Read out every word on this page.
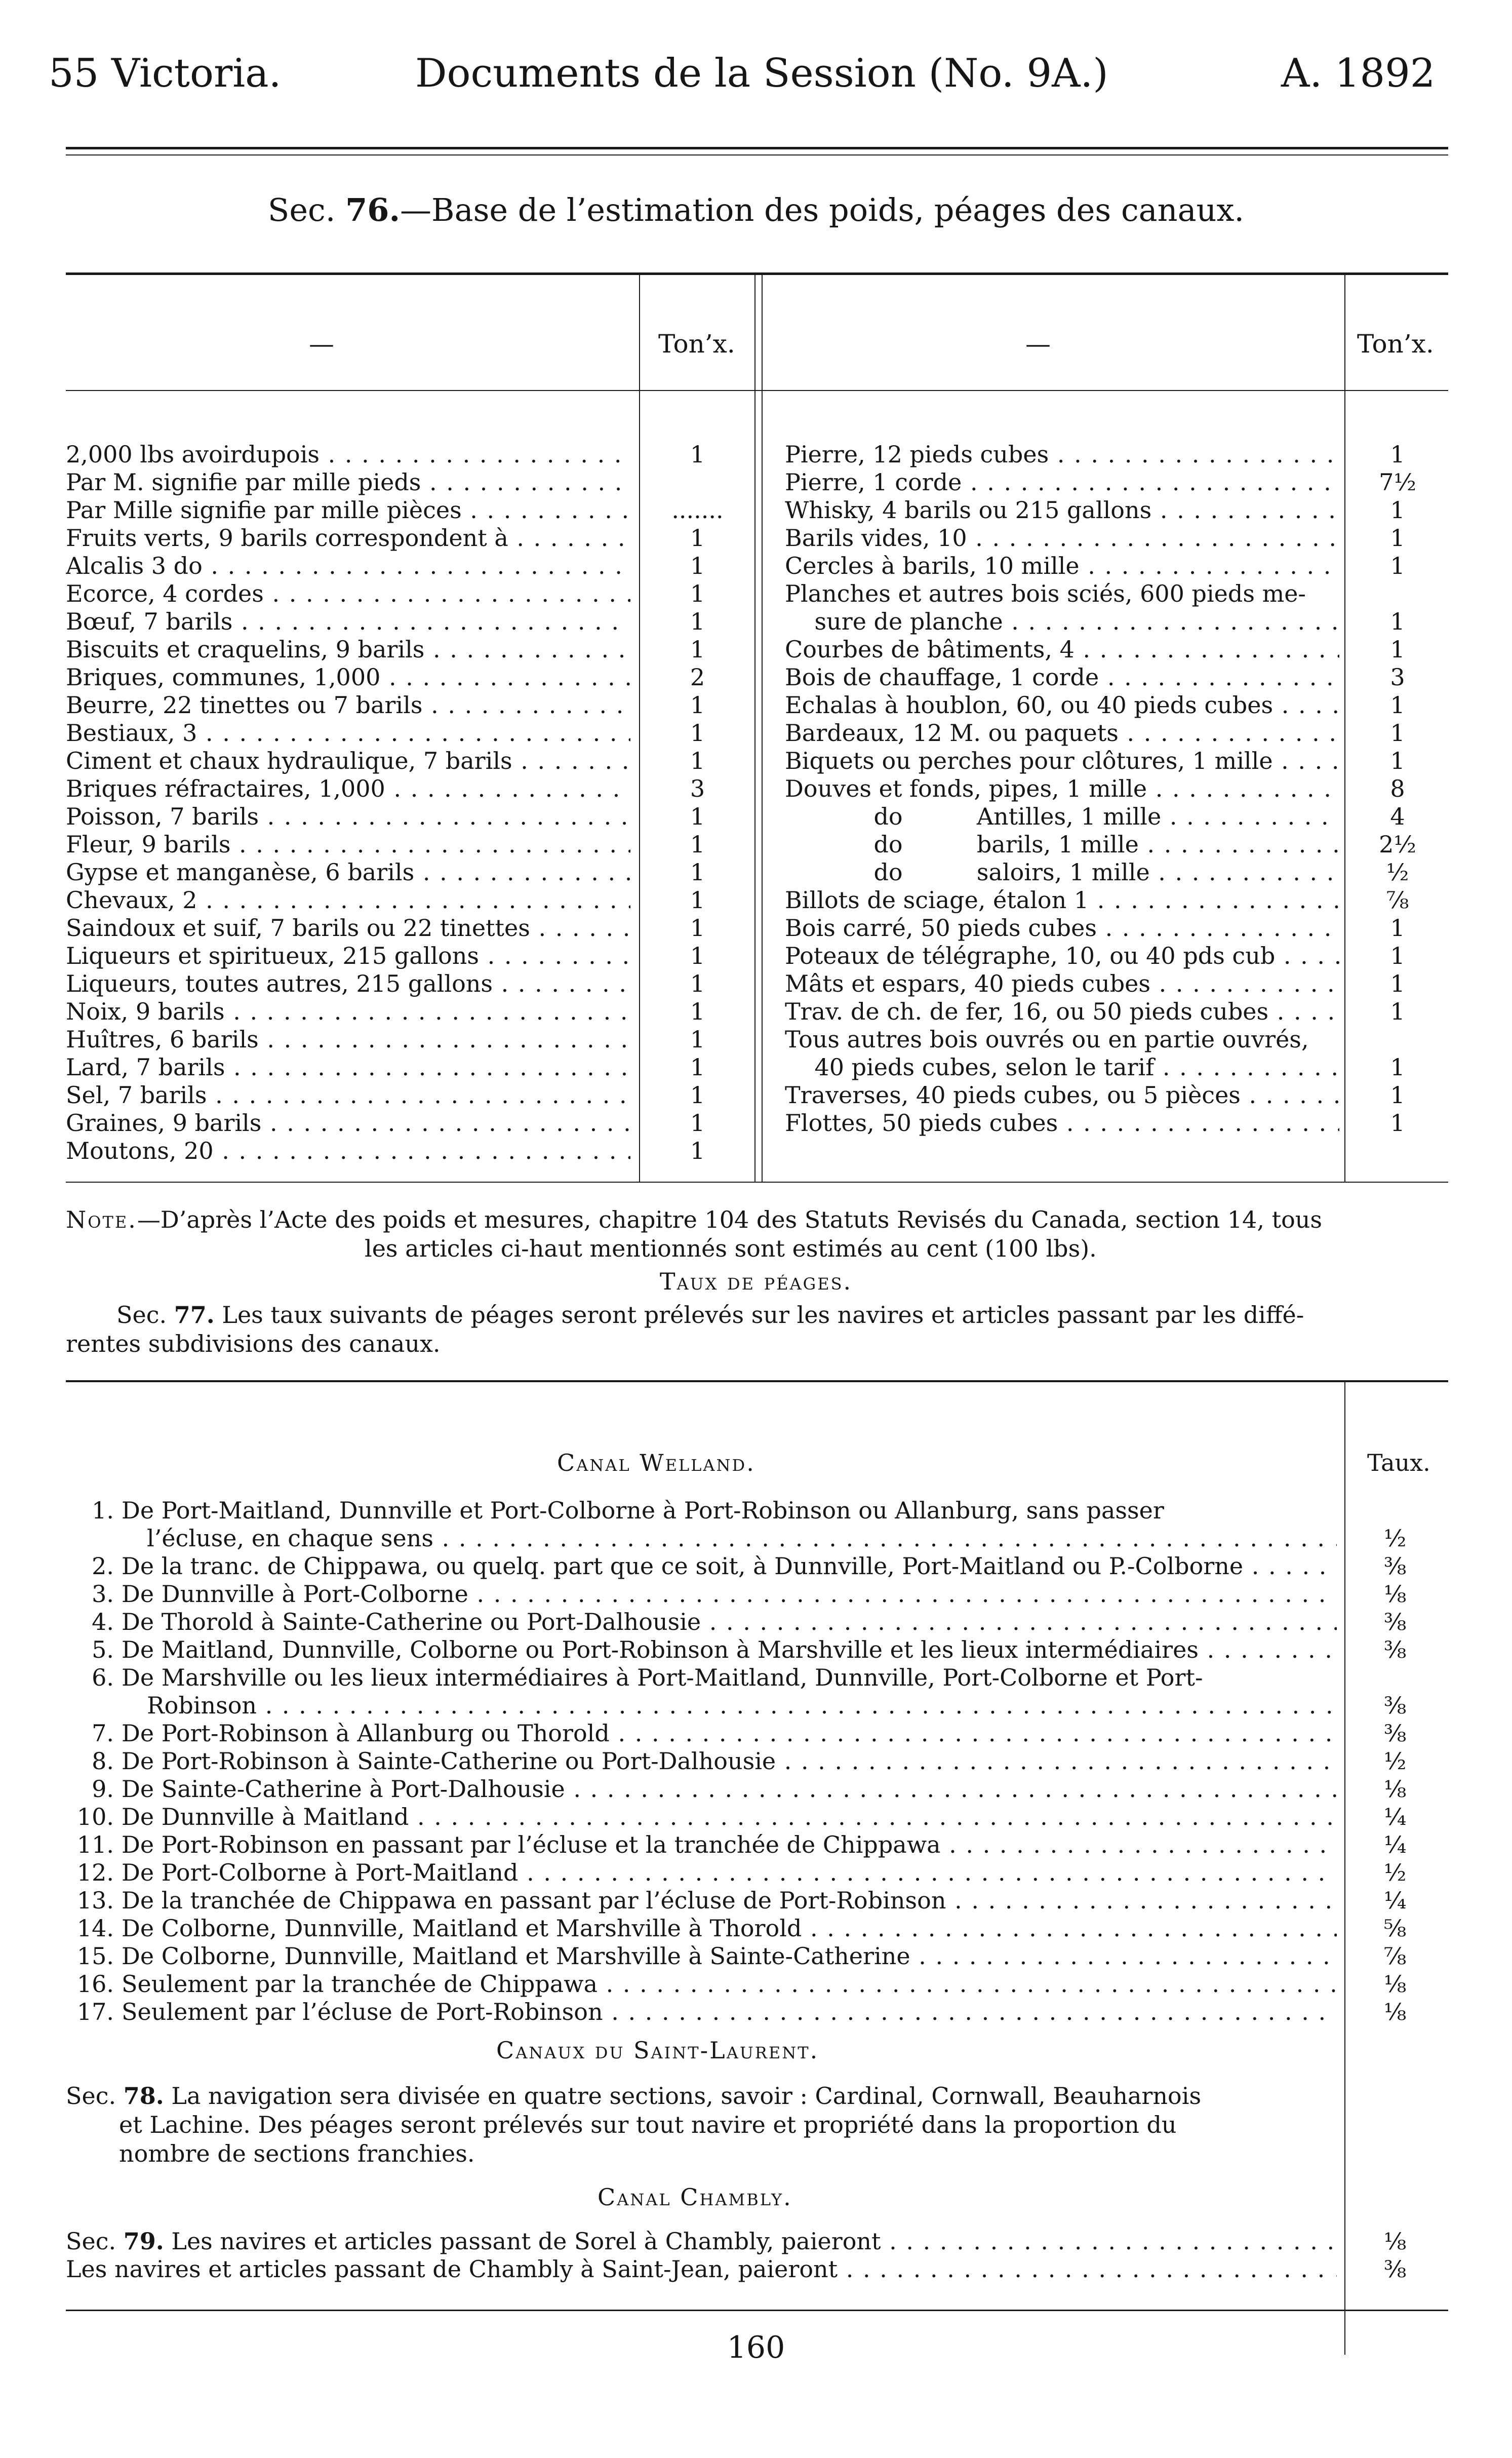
55 Victoria.	Documents de la Session (No. 9A.)	A. 1892
Sec. 76.—Base de l’estimation des poids, péages des canaux.
—	Ton’x.	—	Ton’x.
2,000 lbs avoirdupois . . .	1
Par M. signifie par mille pieds . . .
Par Mille signifie par mille pièces . . .	.......
Fruits verts, 9 barils correspondent à . . .	1
Alcalis 3 do . . .	1
Ecorce, 4 cordes . . .	1
Bœuf, 7 barils . . .	1
Biscuits et craquelins, 9 barils . . .	1
Briques, communes, 1,000 . . .	2
Beurre, 22 tinettes ou 7 barils . . .	1
Bestiaux, 3 . . .	1
Ciment et chaux hydraulique, 7 barils . . .	1
Briques réfractaires, 1,000 . . .	3
Poisson, 7 barils . . .	1
Fleur, 9 barils . . .	1
Gypse et manganèse, 6 barils . . .	1
Chevaux, 2 . . .	1
Saindoux et suif, 7 barils ou 22 tinettes . . .	1
Liqueurs et spiritueux, 215 gallons . . .	1
Liqueurs, toutes autres, 215 gallons . . .	1
Noix, 9 barils . . .	1
Huîtres, 6 barils . . .	1
Lard, 7 barils . . .	1
Sel, 7 barils . . .	1
Graines, 9 barils . . .	1
Moutons, 20 . . .	1
Pierre, 12 pieds cubes . . .	1
Pierre, 1 corde . . .	7½
Whisky, 4 barils ou 215 gallons . . .	1
Barils vides, 10 . . .	1
Cercles à barils, 10 mille . . .	1
Planches et autres bois sciés, 600 pieds me-
sure de planche . . .	1
Courbes de bâtiments, 4 . . .	1
Bois de chauffage, 1 corde . . .	3
Echalas à houblon, 60, ou 40 pieds cubes . . .	1
Bardeaux, 12 M. ou paquets . . .	1
Biquets ou perches pour clôtures, 1 mille . . .	1
Douves et fonds, pipes, 1 mille . . .	8
do          Antilles, 1 mille . . .	4
do          barils, 1 mille . . .	2½
do          saloirs, 1 mille . . .	½
Billots de sciage, étalon 1 . . .	⅞
Bois carré, 50 pieds cubes . . .	1
Poteaux de télégraphe, 10, ou 40 pds cub . . .	1
Mâts et espars, 40 pieds cubes . . .	1
Trav. de ch. de fer, 16, ou 50 pieds cubes . . .	1
Tous autres bois ouvrés ou en partie ouvrés,
40 pieds cubes, selon le tarif . . .	1
Traverses, 40 pieds cubes, ou 5 pièces . . .	1
Flottes, 50 pieds cubes . . .	1
Note.—D’après l’Acte des poids et mesures, chapitre 104 des Statuts Revisés du Canada, section 14, tous
les articles ci-haut mentionnés sont estimés au cent (100 lbs).
Taux de péages.
Sec. 77. Les taux suivants de péages seront prélevés sur les navires et articles passant par les diffé-
rentes subdivisions des canaux.
Canal Welland.	Taux.
1. De Port-Maitland, Dunnville et Port-Colborne à Port-Robinson ou Allanburg, sans passer
l’écluse, en chaque sens . . .	½
2. De la tranc. de Chippawa, ou quelq. part que ce soit, à Dunnville, Port-Maitland ou P.-Colborne . . .	⅜
3. De Dunnville à Port-Colborne . . .	⅛
4. De Thorold à Sainte-Catherine ou Port-Dalhousie . . .	⅜
5. De Maitland, Dunnville, Colborne ou Port-Robinson à Marshville et les lieux intermédiaires . . .	⅜
6. De Marshville ou les lieux intermédiaires à Port-Maitland, Dunnville, Port-Colborne et Port-
Robinson . . .	⅜
7. De Port-Robinson à Allanburg ou Thorold . . .	⅜
8. De Port-Robinson à Sainte-Catherine ou Port-Dalhousie . . .	½
9. De Sainte-Catherine à Port-Dalhousie . . .	⅛
10. De Dunnville à Maitland . . .	¼
11. De Port-Robinson en passant par l’écluse et la tranchée de Chippawa . . .	¼
12. De Port-Colborne à Port-Maitland . . .	½
13. De la tranchée de Chippawa en passant par l’écluse de Port-Robinson . . .	¼
14. De Colborne, Dunnville, Maitland et Marshville à Thorold . . .	⅝
15. De Colborne, Dunnville, Maitland et Marshville à Sainte-Catherine . . .	⅞
16. Seulement par la tranchée de Chippawa . . .	⅛
17. Seulement par l’écluse de Port-Robinson . . .	⅛
Canaux du Saint-Laurent.
Sec. 78. La navigation sera divisée en quatre sections, savoir : Cardinal, Cornwall, Beauharnois
et Lachine. Des péages seront prélevés sur tout navire et propriété dans la proportion du
nombre de sections franchies.
Canal Chambly.
Sec. 79. Les navires et articles passant de Sorel à Chambly, paieront . . .	⅛
Les navires et articles passant de Chambly à Saint-Jean, paieront . . .	⅜
160
